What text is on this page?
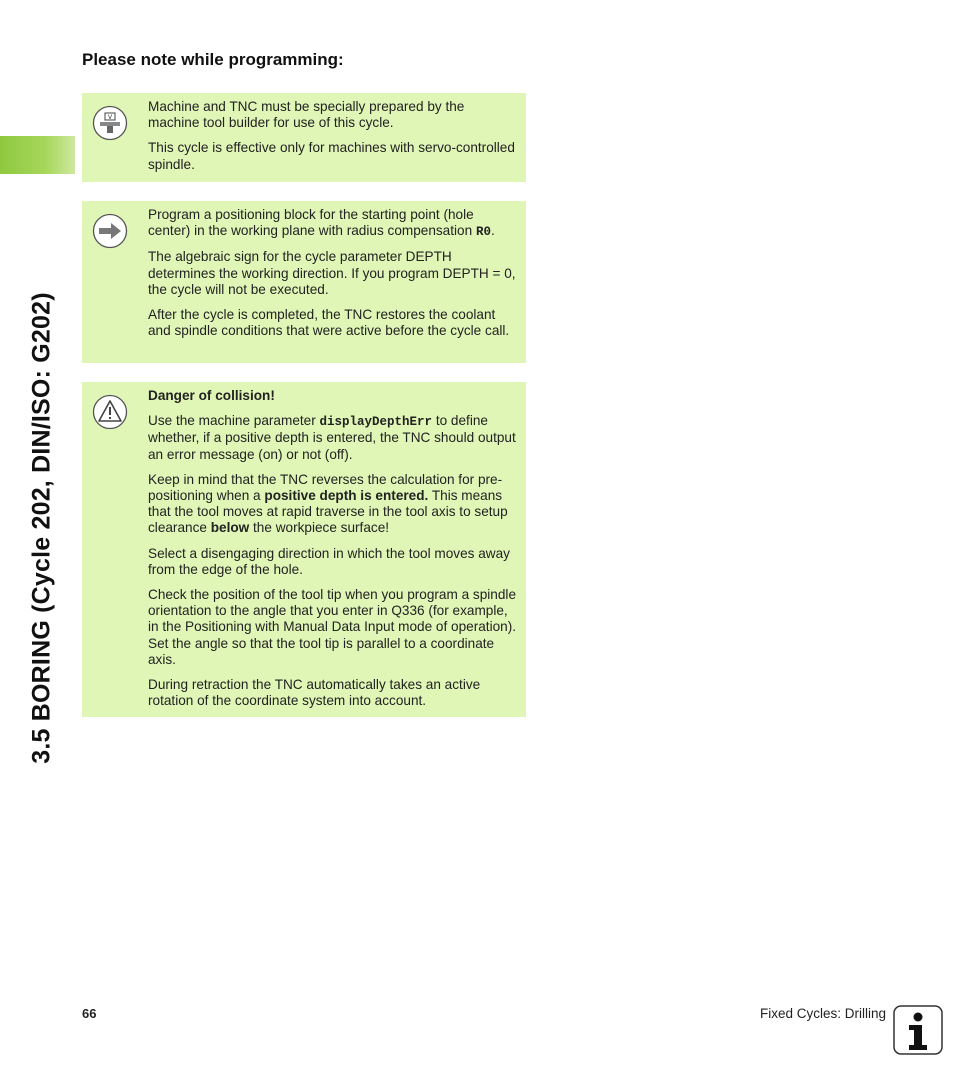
3.5 BORING (Cycle 202, DIN/ISO: G202)
Please note while programming:
V

Machine and TNC must be specially prepared by the machine tool builder for use of this cycle.

This cycle is effective only for machines with servo-controlled spindle.

Program a positioning block for the starting point (hole center) in the working plane with radius compensation R0.

The algebraic sign for the cycle parameter DEPTH determines the working direction. If you program DEPTH = 0, the cycle will not be executed.

After the cycle is completed, the TNC restores the coolant and spindle conditions that were active before the cycle call.

Danger of collision!

Use the machine parameter displayDepthErr to define whether, if a positive depth is entered, the TNC should output an error message (on) or not (off).

Keep in mind that the TNC reverses the calculation for pre-positioning when a positive depth is entered. This means that the tool moves at rapid traverse in the tool axis to setup clearance below the workpiece surface!

Select a disengaging direction in which the tool moves away from the edge of the hole.

Check the position of the tool tip when you program a spindle orientation to the angle that you enter in Q336 (for example, in the Positioning with Manual Data Input mode of operation). Set the angle so that the tool tip is parallel to a coordinate axis.

During retraction the TNC automatically takes an active rotation of the coordinate system into account.

66	Fixed Cycles: Drilling
